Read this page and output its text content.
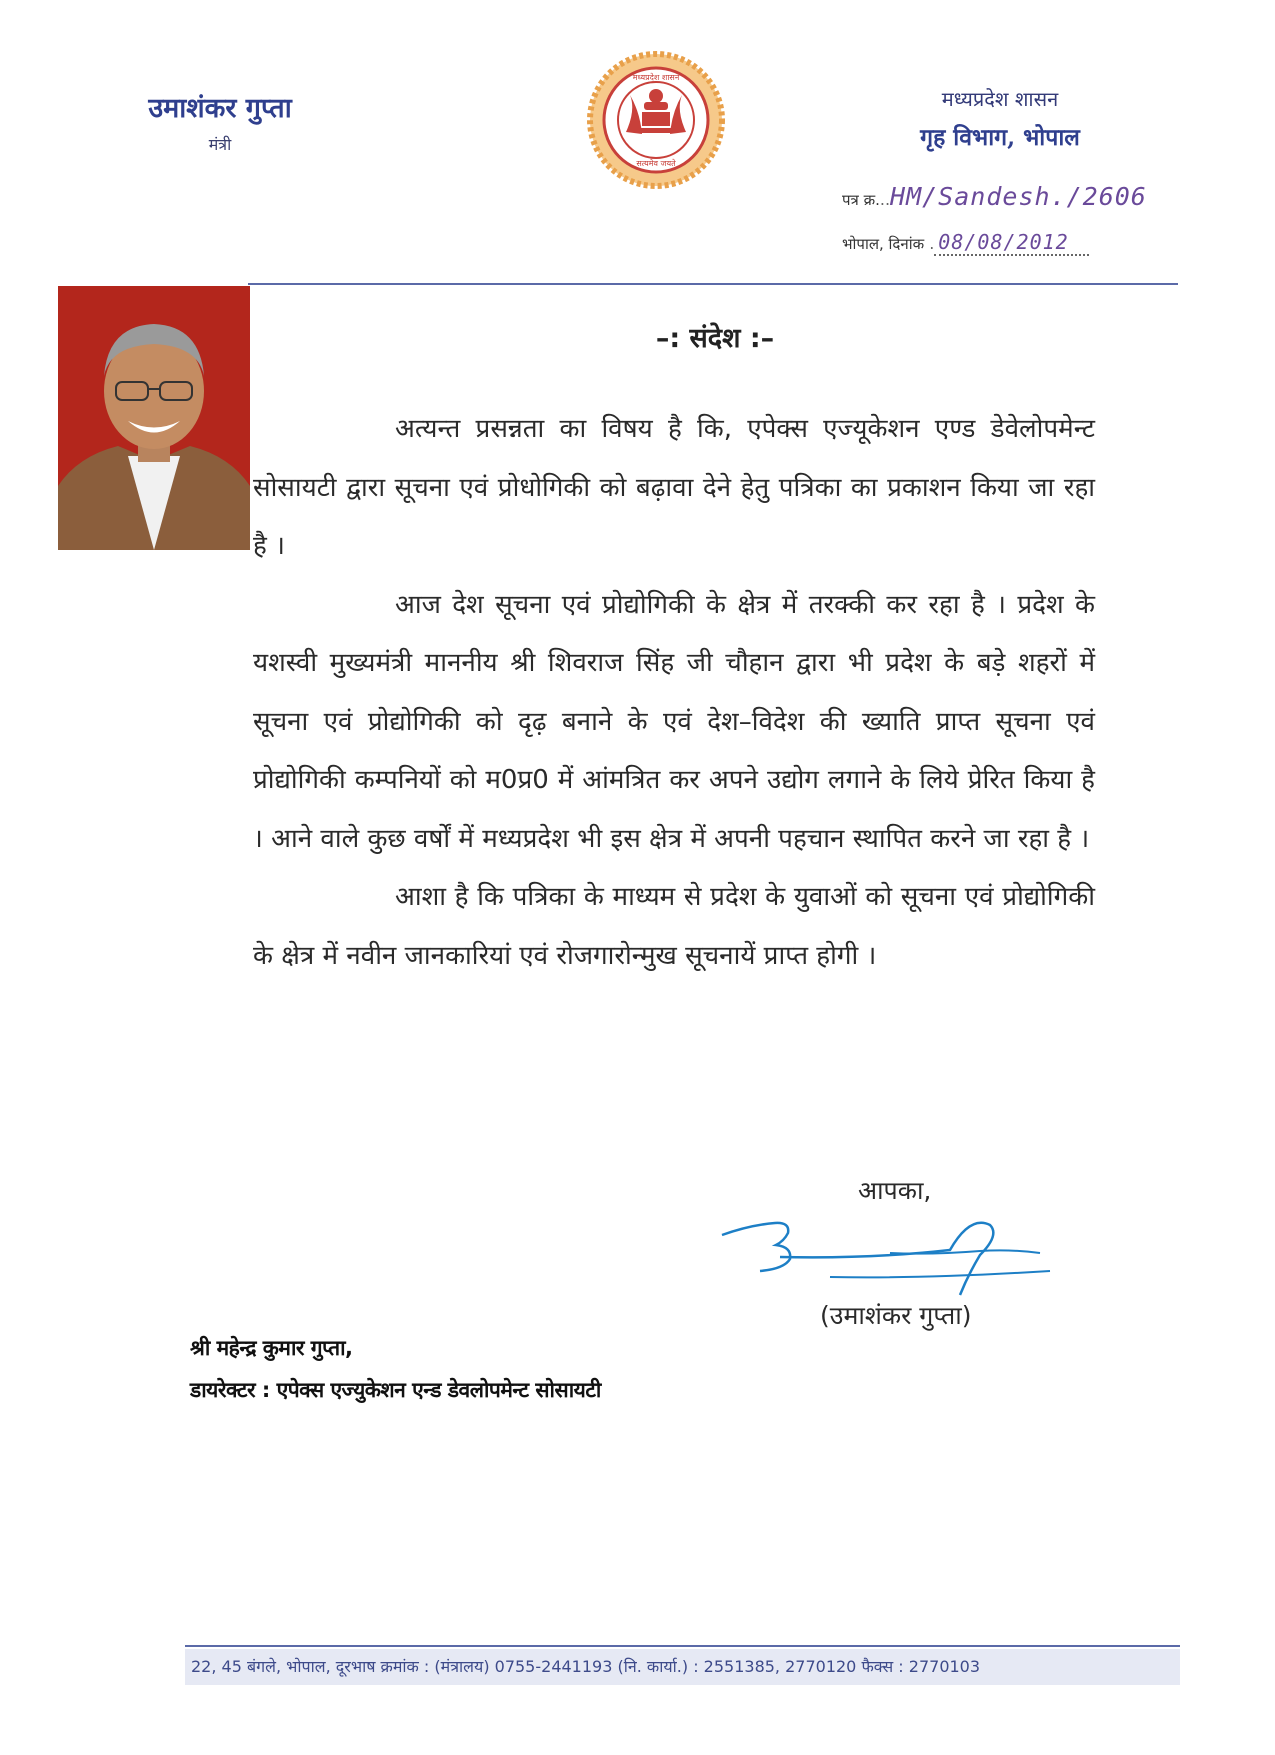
उमाशंकर गुप्ता
मंत्री
मध्यप्रदेश शासन
सत्यमेव जयते
मध्यप्रदेश शासन
गृह विभाग, भोपाल
पत्र क्र...HM/Sandesh./2606
भोपाल, दिनांक . 08/08/2012
–: संदेश :–

अत्यन्त प्रसन्नता का विषय है कि, एपेक्स एज्यूकेशन एण्ड डेवेलोपमेन्ट सोसायटी द्वारा सूचना एवं प्रोधोगिकी को बढ़ावा देने हेतु पत्रिका का प्रकाशन किया जा रहा है ।

आज देश सूचना एवं प्रोद्योगिकी के क्षेत्र में तरक्की कर रहा है । प्रदेश के यशस्वी मुख्यमंत्री माननीय श्री शिवराज सिंह जी चौहान द्वारा भी प्रदेश के बड़े शहरों में सूचना एवं प्रोद्योगिकी को दृढ़ बनाने के एवं देश–विदेश की ख्याति प्राप्त सूचना एवं प्रोद्योगिकी कम्पनियों को म0प्र0 में आंमत्रित कर अपने उद्योग लगाने के लिये प्रेरित किया है । आने वाले कुछ वर्षों में मध्यप्रदेश भी इस क्षेत्र में अपनी पहचान स्थापित करने जा रहा है ।

आशा है कि पत्रिका के माध्यम से प्रदेश के युवाओं को सूचना एवं प्रोद्योगिकी के क्षेत्र में नवीन जानकारियां एवं रोजगारोन्मुख सूचनायें प्राप्त होगी ।

आपका,
(उमाशंकर गुप्ता)
श्री महेन्द्र कुमार गुप्ता,
डायरेक्टर : एपेक्स एज्युकेशन एन्ड डेवलोपमेन्ट सोसायटी
22, 45 बंगले, भोपाल, दूरभाष क्रमांक : (मंत्रालय) 0755-2441193 (नि. कार्या.) : 2551385, 2770120 फैक्स : 2770103
